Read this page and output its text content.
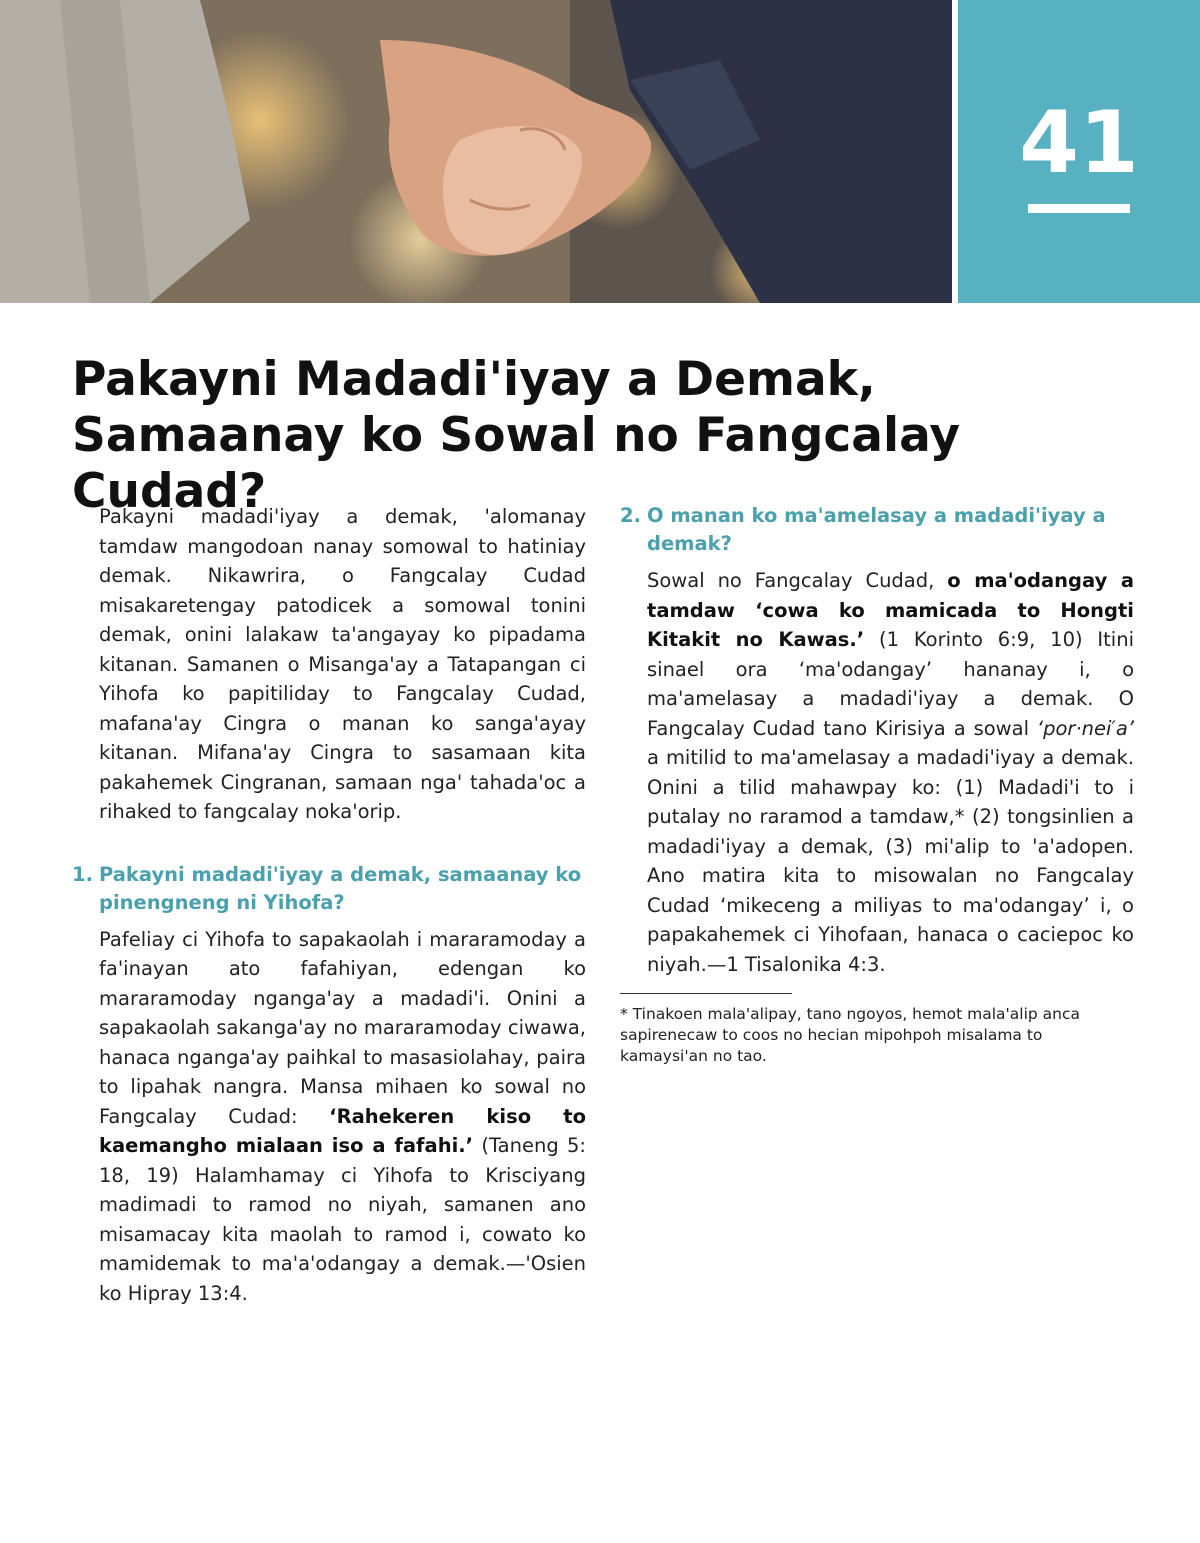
41
Pakayni Madadi'iyay a Demak, Samaanay ko Sowal no Fangcalay Cudad?

Pakayni madadi'iyay a demak, 'alomanay tamdaw mangodoan nanay somowal to hatiniay demak. Nikawrira, o Fangcalay Cudad misakaretengay patodicek a somowal tonini demak, onini lalakaw ta'angayay ko pipadama kitanan. Samanen o Misanga'ay a Tatapangan ci Yihofa ko papitiliday to Fangcalay Cudad, mafana'ay Cingra o manan ko sanga'ayay kitanan. Mifana'ay Cingra to sasamaan kita pakahemek Cingranan, samaan nga' tahada'oc a rihaked to fangcalay noka'orip.

1. Pakayni madadi'iyay a demak, samaanay ko pinengneng ni Yihofa?

Pafeliay ci Yihofa to sapakaolah i mararamoday a fa'inayan ato fafahiyan, edengan ko mararamoday nganga'ay a madadi'i. Onini a sapakaolah sakanga'ay no mararamoday ciwawa, hanaca nganga'ay paihkal to masasiolahay, paira to lipahak nangra. Mansa mihaen ko sowal no Fangcalay Cudad: ‘Rahekeren kiso to kaemangho mialaan iso a fafahi.’ (Taneng 5: 18, 19) Halamhamay ci Yihofa to Krisciyang madimadi to ramod no niyah, samanen ano misamacay kita maolah to ramod i, cowato ko mamidemak to ma'a'odangay a demak.—'Osien ko Hipray 13:4.

2. O manan ko ma'amelasay a madadi'iyay a demak?

Sowal no Fangcalay Cudad, o ma'odangay a tamdaw ‘cowa ko mamicada to Hongti Kitakit no Kawas.’ (1 Korinto 6:9, 10) Itini sinael ora ‘ma'odangay’ hananay i, o ma'amelasay a madadi'iyay a demak. O Fangcalay Cudad tano Kirisiya a sowal ‘por·nei′a’ a mitilid to ma'amelasay a madadi'iyay a demak. Onini a tilid mahawpay ko: (1) Madadi'i to i putalay no raramod a tamdaw,* (2) tongsinlien a madadi'iyay a demak, (3) mi'alip to 'a'adopen. Ano matira kita to misowalan no Fangcalay Cudad ‘mikeceng a miliyas to ma'odangay’ i, o papakahemek ci Yihofaan, hanaca o caciepoc ko niyah.—1 Tisalonika 4:3.

* Tinakoen mala'alipay, tano ngoyos, hemot mala'alip anca sapirenecaw to coos no hecian mipohpoh misalama to kamaysi'an no tao.
